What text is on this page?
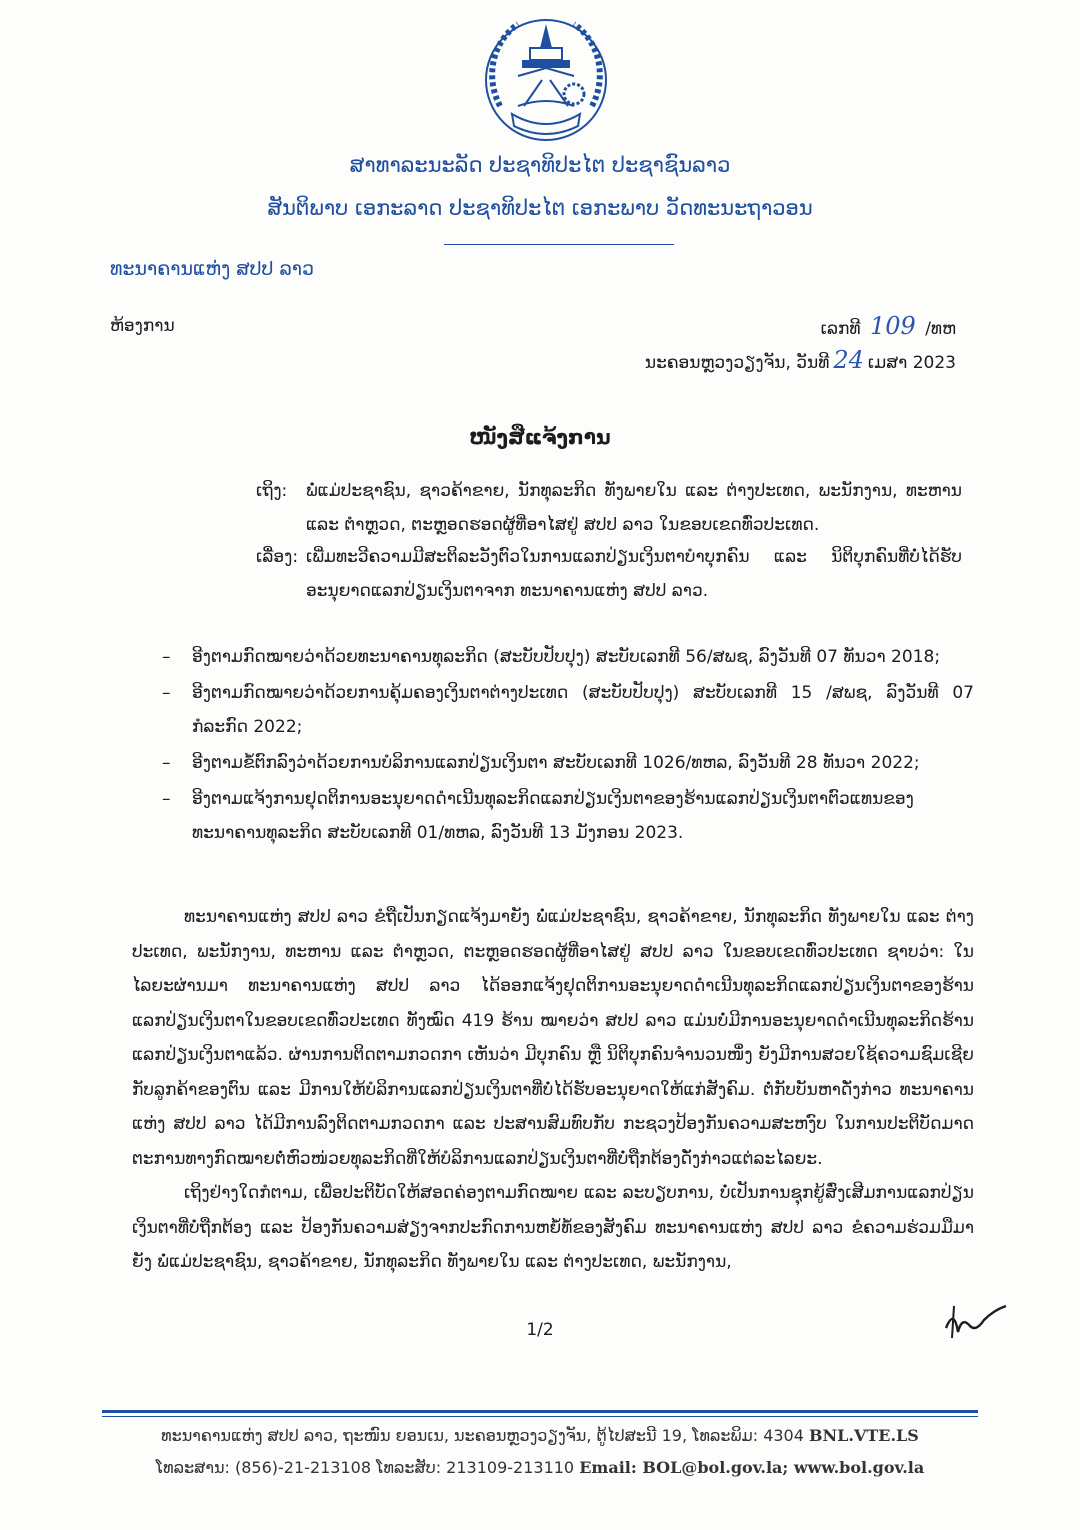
ສາທາລະນະລັດ ປະຊາທິປະໄຕ ປະຊາຊົນລາວ
ສັນຕິພາບ ເອກະລາດ ປະຊາທິປະໄຕ ເອກະພາບ ວັດທະນະຖາວອນ
ທະນາຄານແຫ່ງ ສປປ ລາວ
ຫ້ອງການ	ເລກທີ 109 /ທຫ
ນະຄອນຫຼວງວຽງຈັນ, ວັນທີ 24 ເມສາ 2023
ໜັງສືແຈ້ງການ
ເຖິງ:	ພໍ່ແມ່ປະຊາຊົນ, ຊາວຄ້າຂາຍ, ນັກທຸລະກິດ ທັງພາຍໃນ ແລະ ຕ່າງປະເທດ, ພະນັກງານ, ທະຫານ ແລະ ຕຳຫຼວດ, ຕະຫຼອດຮອດຜູ້ທີ່ອາໄສຢູ່ ສປປ ລາວ ໃນຂອບເຂດທົ່ວປະເທດ.
ເລື່ອງ: ເພີ່ມທະວີຄວາມມີສະຕິລະວັງຕົວໃນການແລກປ່ຽນເງິນຕາບຳບຸກຄົນ ແລະ ນິຕິບຸກຄົນທີ່ບໍ່ໄດ້ຮັບອະນຸຍາດແລກປ່ຽນເງິນຕາຈາກ ທະນາຄານແຫ່ງ ສປປ ລາວ.
– ອີງຕາມກົດໝາຍວ່າດ້ວຍທະນາຄານທຸລະກິດ (ສະບັບປັບປຸງ) ສະບັບເລກທີ 56/ສພຊ, ລົງວັນທີ 07 ທັນວາ 2018;
– ອີງຕາມກົດໝາຍວ່າດ້ວຍການຄຸ້ມຄອງເງິນຕາຕ່າງປະເທດ (ສະບັບປັບປຸງ) ສະບັບເລກທີ 15 /ສພຊ, ລົງວັນທີ 07 ກໍລະກົດ 2022;
– ອີງຕາມຂໍ້ຕົກລົງວ່າດ້ວຍການບໍລິການແລກປ່ຽນເງິນຕາ ສະບັບເລກທີ 1026/ທຫລ, ລົງວັນທີ 28 ທັນວາ 2022;
– ອີງຕາມແຈ້ງການຢຸດຕິການອະນຸຍາດດຳເນີນທຸລະກິດແລກປ່ຽນເງິນຕາຂອງຮ້ານແລກປ່ຽນເງິນຕາຕົວແທນຂອງທະນາຄານທຸລະກິດ ສະບັບເລກທີ 01/ທຫລ, ລົງວັນທີ 13 ມັງກອນ 2023.

ທະນາຄານແຫ່ງ ສປປ ລາວ ຂໍຖືເປັນກຽດແຈ້ງມາຍັງ ພໍ່ແມ່ປະຊາຊົນ, ຊາວຄ້າຂາຍ, ນັກທຸລະກິດ ທັງພາຍໃນ ແລະ ຕ່າງປະເທດ, ພະນັກງານ, ທະຫານ ແລະ ຕຳຫຼວດ, ຕະຫຼອດຮອດຜູ້ທີ່ອາໄສຢູ່ ສປປ ລາວ ໃນຂອບເຂດທົ່ວປະເທດ ຊາບວ່າ: ໃນໄລຍະຜ່ານມາ ທະນາຄານແຫ່ງ ສປປ ລາວ ໄດ້ອອກແຈ້ງຢຸດຕິການອະນຸຍາດດຳເນີນທຸລະກິດແລກປ່ຽນເງິນຕາຂອງຮ້ານແລກປ່ຽນເງິນຕາໃນຂອບເຂດທົ່ວປະເທດ ທັງໝົດ 419 ຮ້ານ ໝາຍວ່າ ສປປ ລາວ ແມ່ນບໍ່ມີການອະນຸຍາດດຳເນີນທຸລະກິດຮ້ານແລກປ່ຽນເງິນຕາແລ້ວ. ຜ່ານການຕິດຕາມກວດກາ ເຫັນວ່າ ມີບຸກຄົນ ຫຼື ນິຕິບຸກຄົນຈຳນວນໜຶ່ງ ຍັງມີການສວຍໃຊ້ຄວາມຊົມເຊີຍກັບລູກຄ້າຂອງຕົນ ແລະ ມີການໃຫ້ບໍລິການແລກປ່ຽນເງິນຕາທີ່ບໍ່ໄດ້ຮັບອະນຸຍາດໃຫ້ແກ່ສັງຄົມ. ຕໍ່ກັບບັນຫາດັ່ງກ່າວ ທະນາຄານແຫ່ງ ສປປ ລາວ ໄດ້ມີການລົງຕິດຕາມກວດກາ ແລະ ປະສານສົມທົບກັບ ກະຊວງປ້ອງກັນຄວາມສະຫງົບ ໃນການປະຕິບັດມາດຕະການທາງກົດໝາຍຕໍ່ຫົວໜ່ວຍທຸລະກິດທີ່ໃຫ້ບໍລິການແລກປ່ຽນເງິນຕາທີ່ບໍ່ຖືກຕ້ອງດັ່ງກ່າວແຕ່ລະໄລຍະ.

ເຖິງຢ່າງໃດກໍຕາມ, ເພື່ອປະຕິບັດໃຫ້ສອດຄ່ອງຕາມກົດໝາຍ ແລະ ລະບຽບການ, ບໍ່ເປັນການຊຸກຍູ້ສົ່ງເສີມການແລກປ່ຽນເງິນຕາທີ່ບໍ່ຖືກຕ້ອງ ແລະ ປ້ອງກັນຄວາມສ່ຽງຈາກປະກົດການຫຍໍ້ທໍ້ຂອງສັງຄົມ ທະນາຄານແຫ່ງ ສປປ ລາວ ຂໍຄວາມຮ່ວມມືມາຍັງ ພໍ່ແມ່ປະຊາຊົນ, ຊາວຄ້າຂາຍ, ນັກທຸລະກິດ ທັງພາຍໃນ ແລະ ຕ່າງປະເທດ, ພະນັກງານ,

1/2
ທະນາຄານແຫ່ງ ສປປ ລາວ, ຖະໜົນ ຍອນເນ, ນະຄອນຫຼວງວຽງຈັນ, ຕູ້ໄປສະນີ 19, ໂທລະພິມ: 4304 BNL.VTE.LS
ໂທລະສານ: (856)-21-213108 ໂທລະສັບ: 213109-213110 Email: BOL@bol.gov.la; www.bol.gov.la
